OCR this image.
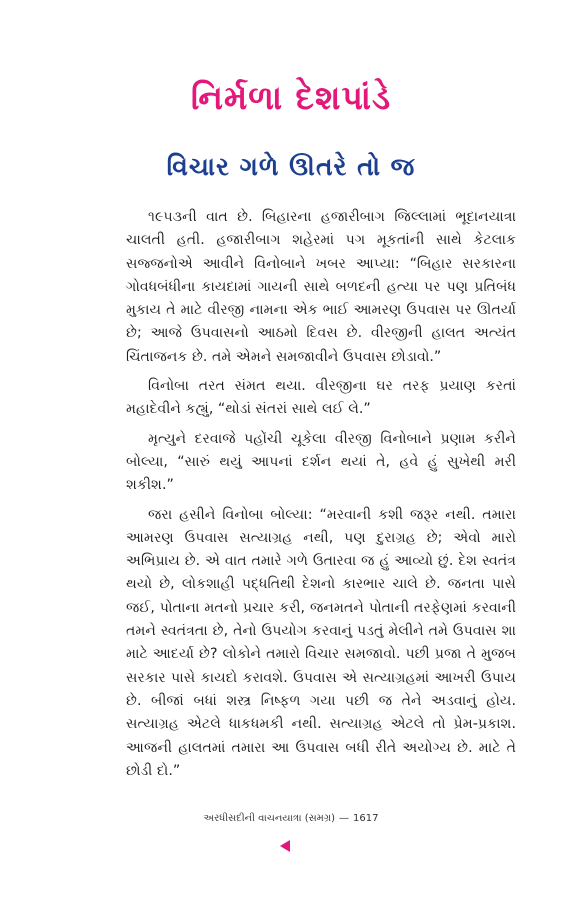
નિર્મળા દેશપાંડે
વિચાર ગળે ઊતરે તો જ

૧૯૫૩ની વાત છે. બિહારના હજારીબાગ જિલ્લામાં ભૂદાનયાત્રા ચાલતી હતી. હજારીબાગ શહેરમાં પગ મૂકતાંની સાથે કેટલાક સજ્જનોએ આવીને વિનોબાને ખબર આપ્યા: “બિહાર સરકારના ગોવધબંધીના કાયદામાં ગાયની સાથે બળદની હત્યા પર પણ પ્રતિબંધ મુકાય તે માટે વીરજી નામના એક ભાઈ આમરણ ઉપવાસ પર ઊતર્યા છે; આજે ઉપવાસનો આઠમો દિવસ છે. વીરજીની હાલત અત્યંત ચિંતાજનક છે. તમે એમને સમજાવીને ઉપવાસ છોડાવો.”

વિનોબા તરત સંમત થયા. વીરજીના ઘર તરફ પ્રયાણ કરતાં મહાદેવીને કહ્યું, “થોડાં સંતરાં સાથે લઈ લે.”

મૃત્યુને દરવાજે પહોંચી ચૂકેલા વીરજી વિનોબાને પ્રણામ કરીને બોલ્યા, “સારું થયું આપનાં દર્શન થયાં તે, હવે હું સુખેથી મરી શકીશ.”

જરા હસીને વિનોબા બોલ્યા: “મરવાની કશી જરૂર નથી. તમારા આમરણ ઉપવાસ સત્યાગ્રહ નથી, પણ દુરાગ્રહ છે; એવો મારો અભિપ્રાય છે. એ વાત તમારે ગળે ઉતારવા જ હું આવ્યો છું. દેશ સ્વતંત્ર થયો છે, લોકશાહી પદ્ધતિથી દેશનો કારભાર ચાલે છે. જનતા પાસે જઈ, પોતાના મતનો પ્રચાર કરી, જનમતને પોતાની તરફેણમાં કરવાની તમને સ્વતંત્રતા છે, તેનો ઉપયોગ કરવાનું પડતું મેલીને તમે ઉપવાસ શા માટે આદર્યા છે? લોકોને તમારો વિચાર સમજાવો. પછી પ્રજા તે મુજબ સરકાર પાસે કાયદો કરાવશે. ઉપવાસ એ સત્યાગ્રહમાં આખરી ઉપાય છે. બીજાં બધાં શસ્ત્ર નિષ્ફળ ગયા પછી જ તેને અડવાનું હોય. સત્યાગ્રહ એટલે ધાકધમકી નથી. સત્યાગ્રહ એટલે તો પ્રેમ-પ્રકાશ. આજની હાલતમાં તમારા આ ઉપવાસ બધી રીતે અયોગ્ય છે. માટે તે છોડી દો.”

અરધીસદીની વાચનયાત્રા (સમગ્ર) — 1617
